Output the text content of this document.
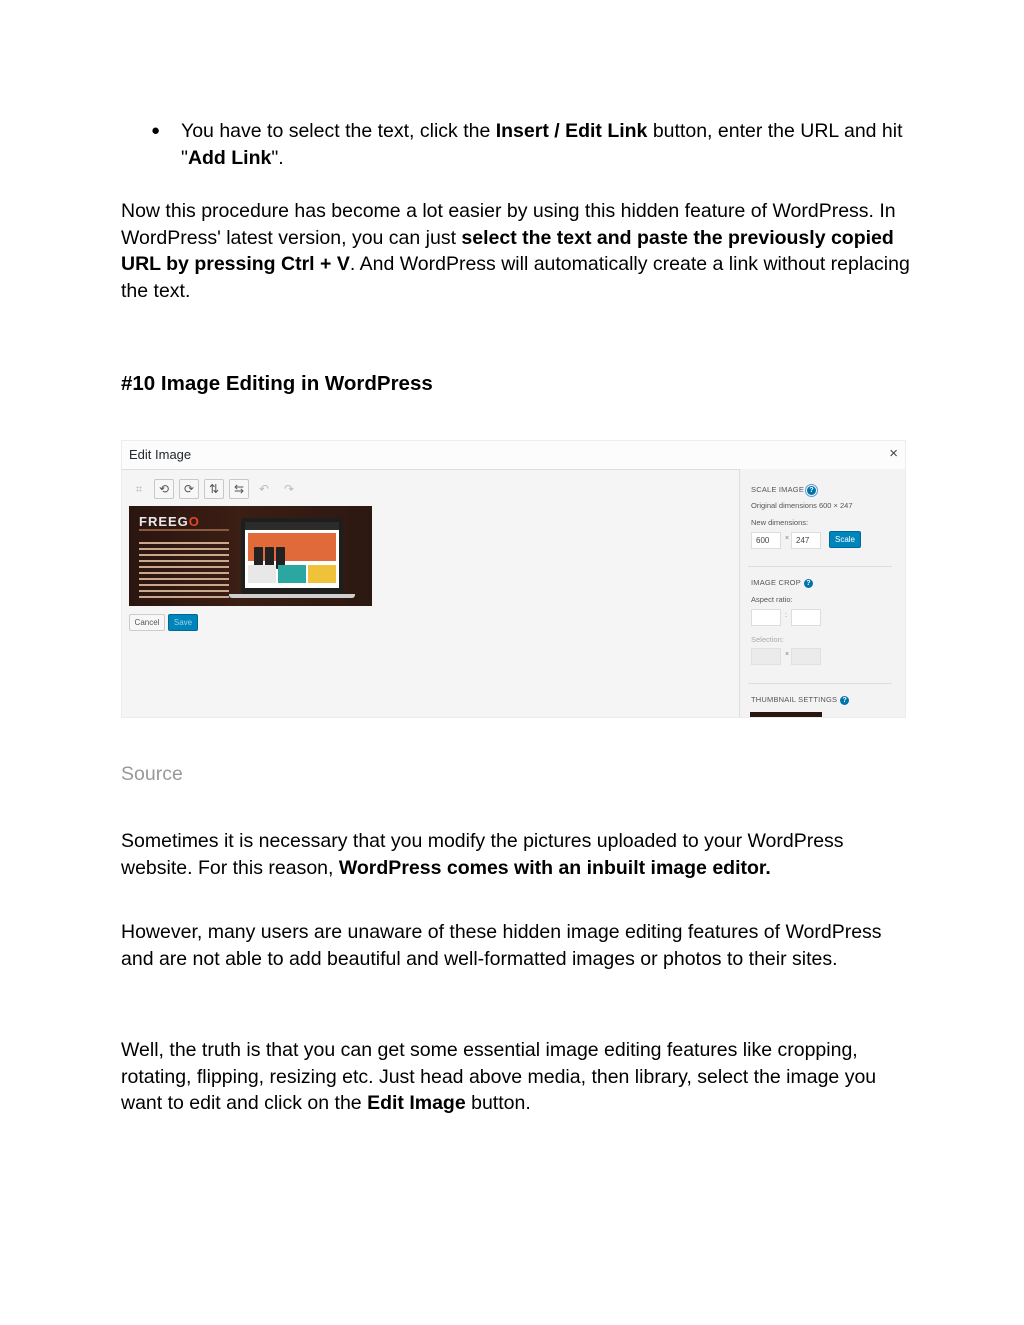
● You have to select the text, click the Insert / Edit Link button, enter the URL and hit "Add Link".

Now this procedure has become a lot easier by using this hidden feature of WordPress. In WordPress' latest version, you can just select the text and paste the previously copied URL by pressing Ctrl + V. And WordPress will automatically create a link without replacing the text.

#10 Image Editing in WordPress
Edit Image	×
⌗	⟲	⟳	⇅	⇆	↶	↷
FREEGO
Cancel	Save
SCALE IMAGE ?
Original dimensions 600 × 247
New dimensions:
600	× 247	Scale
IMAGE CROP ?
Aspect ratio:
:
Selection:
×
THUMBNAIL SETTINGS ?
Source

Sometimes it is necessary that you modify the pictures uploaded to your WordPress website. For this reason, WordPress comes with an inbuilt image editor.

However, many users are unaware of these hidden image editing features of WordPress and are not able to add beautiful and well-formatted images or photos to their sites.

Well, the truth is that you can get some essential image editing features like cropping, rotating, flipping, resizing etc. Just head above media, then library, select the image you want to edit and click on the Edit Image button.
